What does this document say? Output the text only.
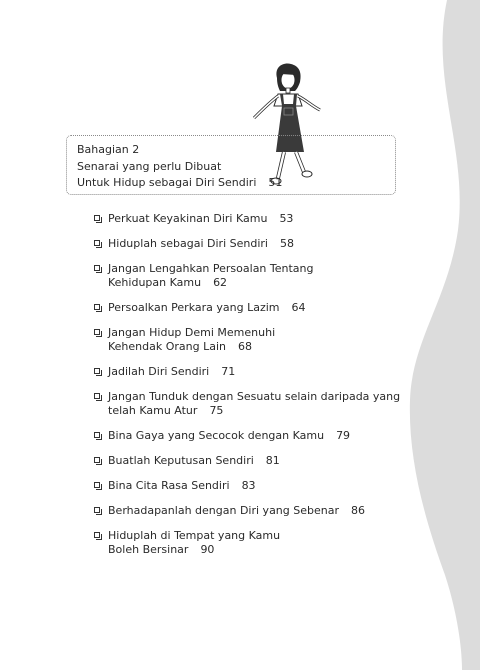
Bahagian 2
Senarai yang perlu Dibuat
Untuk Hidup sebagai Diri Sendiri 51
Perkuat Keyakinan Diri Kamu 53
Hiduplah sebagai Diri Sendiri 58
Jangan Lengahkan Persoalan Tentang
Kehidupan Kamu 62
Persoalkan Perkara yang Lazim 64
Jangan Hidup Demi Memenuhi
Kehendak Orang Lain 68
Jadilah Diri Sendiri 71
Jangan Tunduk dengan Sesuatu selain daripada yang
telah Kamu Atur 75
Bina Gaya yang Secocok dengan Kamu 79
Buatlah Keputusan Sendiri 81
Bina Cita Rasa Sendiri 83
Berhadapanlah dengan Diri yang Sebenar 86
Hiduplah di Tempat yang Kamu
Boleh Bersinar 90
